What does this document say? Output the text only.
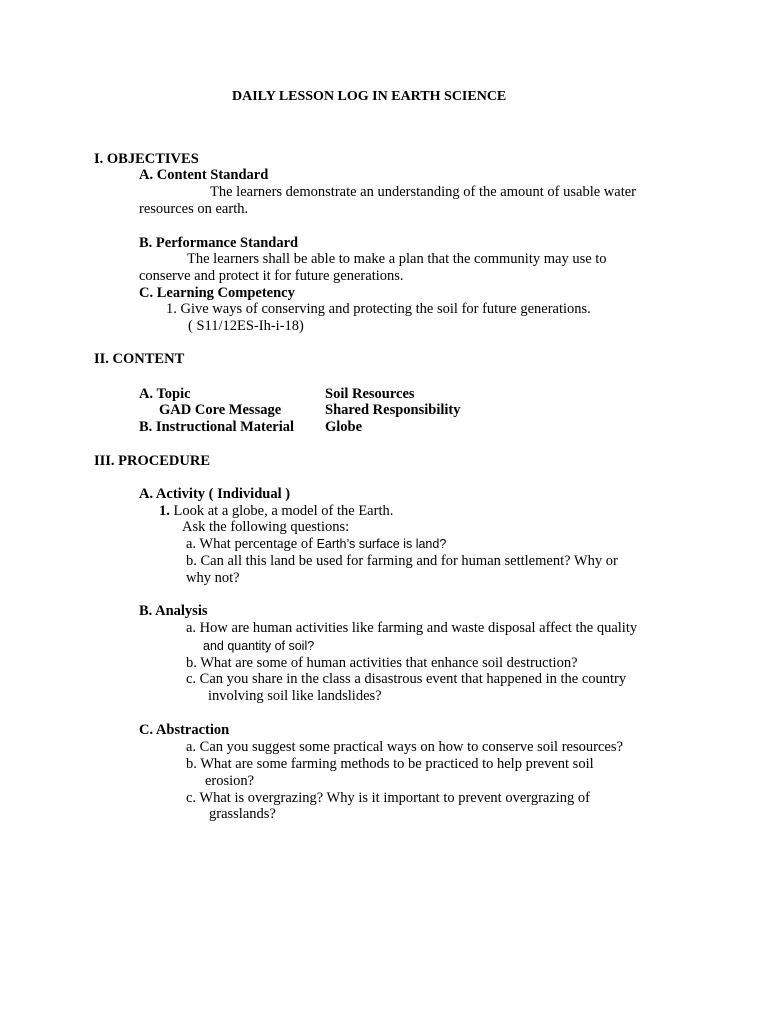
DAILY LESSON LOG IN EARTH SCIENCE
I. OBJECTIVES
A. Content Standard
The learners demonstrate an understanding of the amount of usable water
resources on earth.
B. Performance Standard
The learners shall be able to make a plan that the community may use to
conserve and protect it for future generations.
C. Learning Competency
1. Give ways of conserving and protecting the soil for future generations.
( S11/12ES-Ih-i-18)
II. CONTENT
A. Topic	Soil Resources
GAD Core Message	Shared Responsibility
B. Instructional Material Globe
III. PROCEDURE
A. Activity ( Individual )
1. Look at a globe, a model of the Earth.
Ask the following questions:
a. What percentage of Earth’s surface is land?
b. Can all this land be used for farming and for human settlement? Why or
why not?
B. Analysis
a. How are human activities like farming and waste disposal affect the quality
and quantity of soil?
b. What are some of human activities that enhance soil destruction?
c. Can you share in the class a disastrous event that happened in the country
involving soil like landslides?
C. Abstraction
a. Can you suggest some practical ways on how to conserve soil resources?
b. What are some farming methods to be practiced to help prevent soil
erosion?
c. What is overgrazing? Why is it important to prevent overgrazing of
grasslands?
